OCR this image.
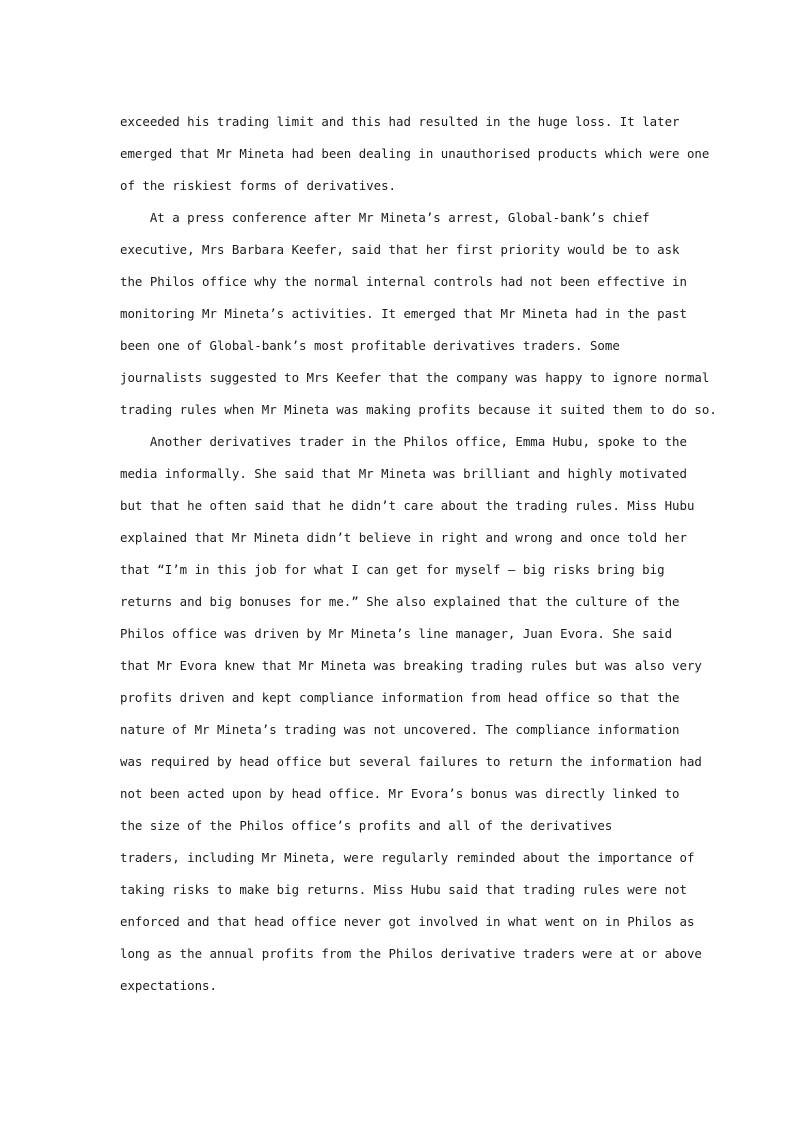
exceeded his trading limit and this had resulted in the huge loss. It later
emerged that Mr Mineta had been dealing in unauthorised products which were one
of the riskiest forms of derivatives.
At a press conference after Mr Mineta’s arrest, Global-bank’s chief
executive, Mrs Barbara Keefer, said that her first priority would be to ask
the Philos office why the normal internal controls had not been effective in
monitoring Mr Mineta’s activities. It emerged that Mr Mineta had in the past
been one of Global-bank’s most profitable derivatives traders. Some
journalists suggested to Mrs Keefer that the company was happy to ignore normal
trading rules when Mr Mineta was making profits because it suited them to do so.
Another derivatives trader in the Philos office, Emma Hubu, spoke to the
media informally. She said that Mr Mineta was brilliant and highly motivated
but that he often said that he didn’t care about the trading rules. Miss Hubu
explained that Mr Mineta didn’t believe in right and wrong and once told her
that “I’m in this job for what I can get for myself – big risks bring big
returns and big bonuses for me.” She also explained that the culture of the
Philos office was driven by Mr Mineta’s line manager, Juan Evora. She said
that Mr Evora knew that Mr Mineta was breaking trading rules but was also very
profits driven and kept compliance information from head office so that the
nature of Mr Mineta’s trading was not uncovered. The compliance information
was required by head office but several failures to return the information had
not been acted upon by head office. Mr Evora’s bonus was directly linked to
the size of the Philos office’s profits and all of the derivatives
traders, including Mr Mineta, were regularly reminded about the importance of
taking risks to make big returns. Miss Hubu said that trading rules were not
enforced and that head office never got involved in what went on in Philos as
long as the annual profits from the Philos derivative traders were at or above
expectations.
